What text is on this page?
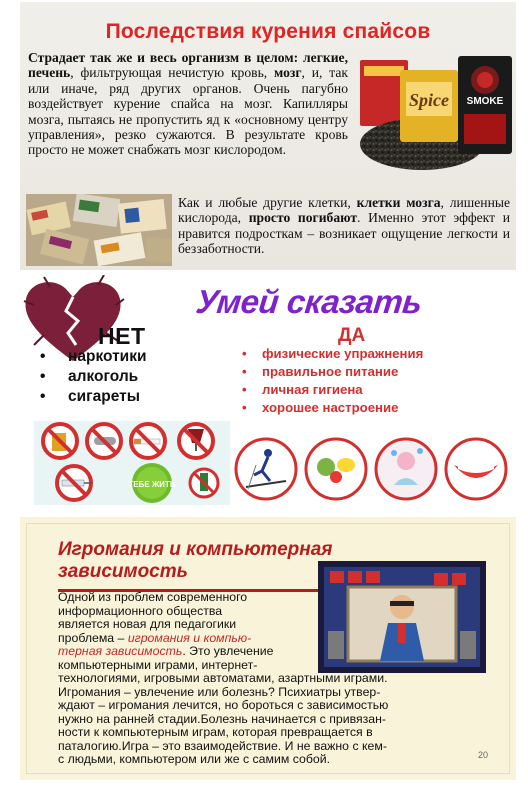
Последствия курения спайсов
Страдает так же и весь организм в целом: легкие, печень, фильтрующая нечистую кровь, мозг, и, так или иначе, ряд других органов. Очень пагубно воздействует курение спайса на мозг. Капилляры мозга, пытаясь не пропустить яд к «основному центру управления», резко сужаются. В результате кровь просто не может снабжать мозг кислородом.
Spice SMOKE
Как и любые другие клетки, клетки мозга, лишенные кислорода, просто погибают. Именно этот эффект и нравится подросткам – возникает ощущение легкости и беззаботности.
Умей сказать
НЕТ	ДА
• наркотики
• алкоголь
• сигареты
• физические упражнения
• правильное питание
• личная гигиена
• хорошее настроение
ТЕБЕ ЖИТЬ
Игромания и компьютерная
зависимость
Одной из проблем современного
информационного общества
является новая для педагогики
проблема – игромания и компью-
терная зависимость. Это увлечение
компьютерными играми, интернет-
технологиями, игровыми автоматами, азартными играми.
Игромания – увлечение или болезнь? Психиатры утвер-
ждают – игромания лечится, но бороться с зависимостью
нужно на ранней стадии.Болезнь начинается с привязан-
ности к компьютерным играм, которая превращается в
паталогию.Игра – это взаимодействие. И не важно с кем-
с людьми, компьютером или же с самим собой.	20
